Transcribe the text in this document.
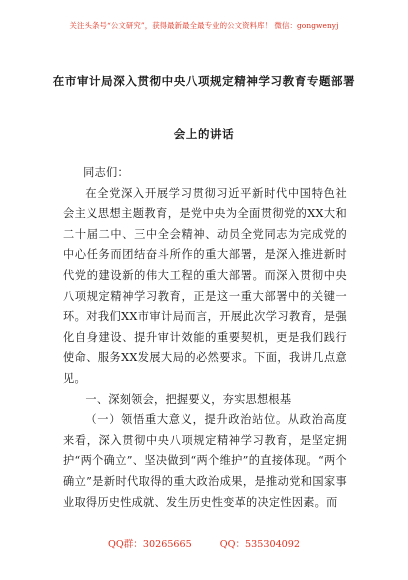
关注头条号“公文研究”，获得最新最全最专业的公文资料库！ 微信：gongwenyj
在市审计局深入贯彻中央八项规定精神学习教育专题部署
会上的讲话

同志们：

在全党深入开展学习贯彻习近平新时代中国特色社会主义思想主题教育，是党中央为全面贯彻党的XX大和二十届二中、三中全会精神、动员全党同志为完成党的中心任务而团结奋斗所作的重大部署，是深入推进新时代党的建设新的伟大工程的重大部署。而深入贯彻中央八项规定精神学习教育，正是这一重大部署中的关键一环。对我们XX市审计局而言，开展此次学习教育，是强化自身建设、提升审计效能的重要契机，更是我们践行使命、服务XX发展大局的必然要求。下面，我讲几点意见。

一、深刻领会，把握要义，夯实思想根基

（一）领悟重大意义，提升政治站位。从政治高度来看，深入贯彻中央八项规定精神学习教育，是坚定拥护“两个确立”、坚决做到“两个维护”的直接体现。“两个确立”是新时代取得的重大政治成果，是推动党和国家事业取得历史性成就、发生历史性变革的决定性因素。而

QQ群：30265665	QQ：535304092
